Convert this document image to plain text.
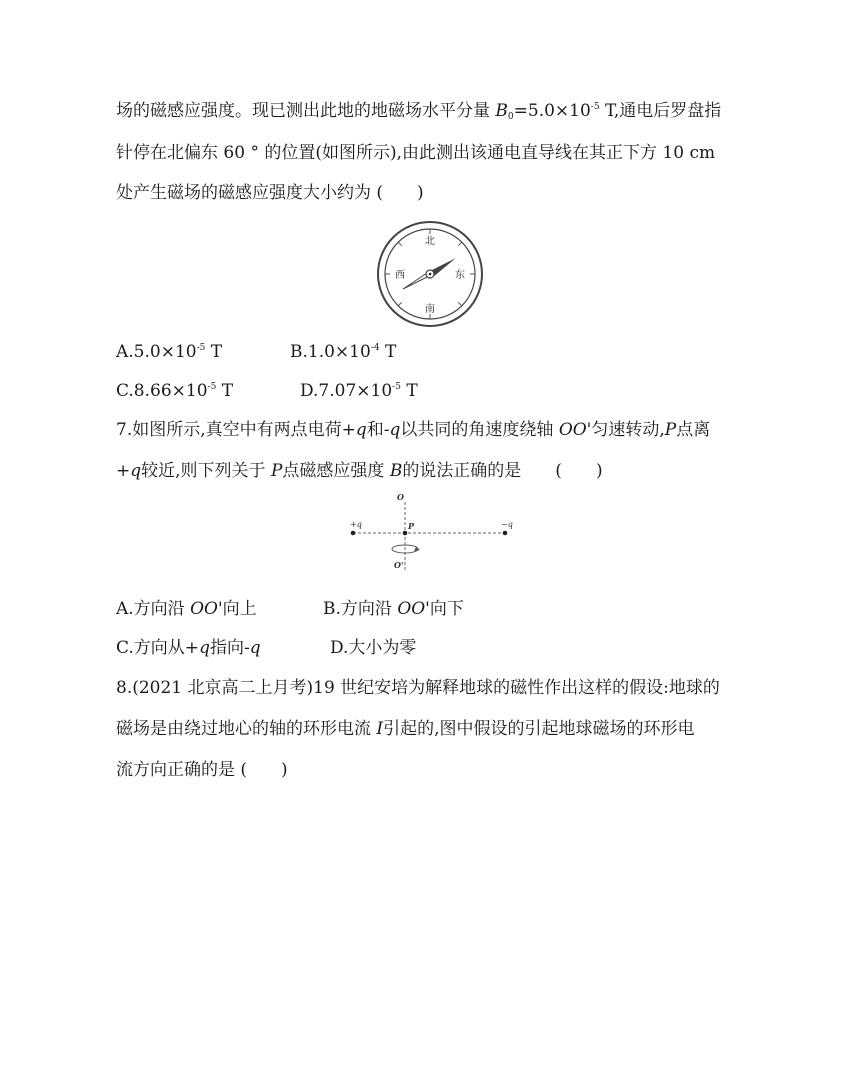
场的磁感应强度。现已测出此地的地磁场水平分量 $B_0=5.0\times 10^{-5}$ T,通电后罗盘指
针停在北偏东 60 ° 的位置(如图所示),由此测出该通电直导线在其正下方 10 cm
处产生磁场的磁感应强度大小约为 (　　)
北
南
东
西
$A.5.0\times 10^{-5}$ T	$B.1.0\times 10^{-4}$ T
$C.8.66\times 10^{-5}$ T	$D.7.07\times 10^{-5}$ T
7.如图所示,真空中有两点电荷+q和-q以共同的角速度绕轴 OO'匀速转动,P点离
+q较近,则下列关于 P点磁感应强度 B的说法正确的是　　(　　)
O
O'
+q	P	−q
A.方向沿 OO'向上	B.方向沿 OO'向下
C.方向从+q指向-q	D.大小为零
8.(2021 北京高二上月考)19 世纪安培为解释地球的磁性作出这样的假设:地球的
磁场是由绕过地心的轴的环形电流 I引起的,图中假设的引起地球磁场的环形电
流方向正确的是 (　　)
